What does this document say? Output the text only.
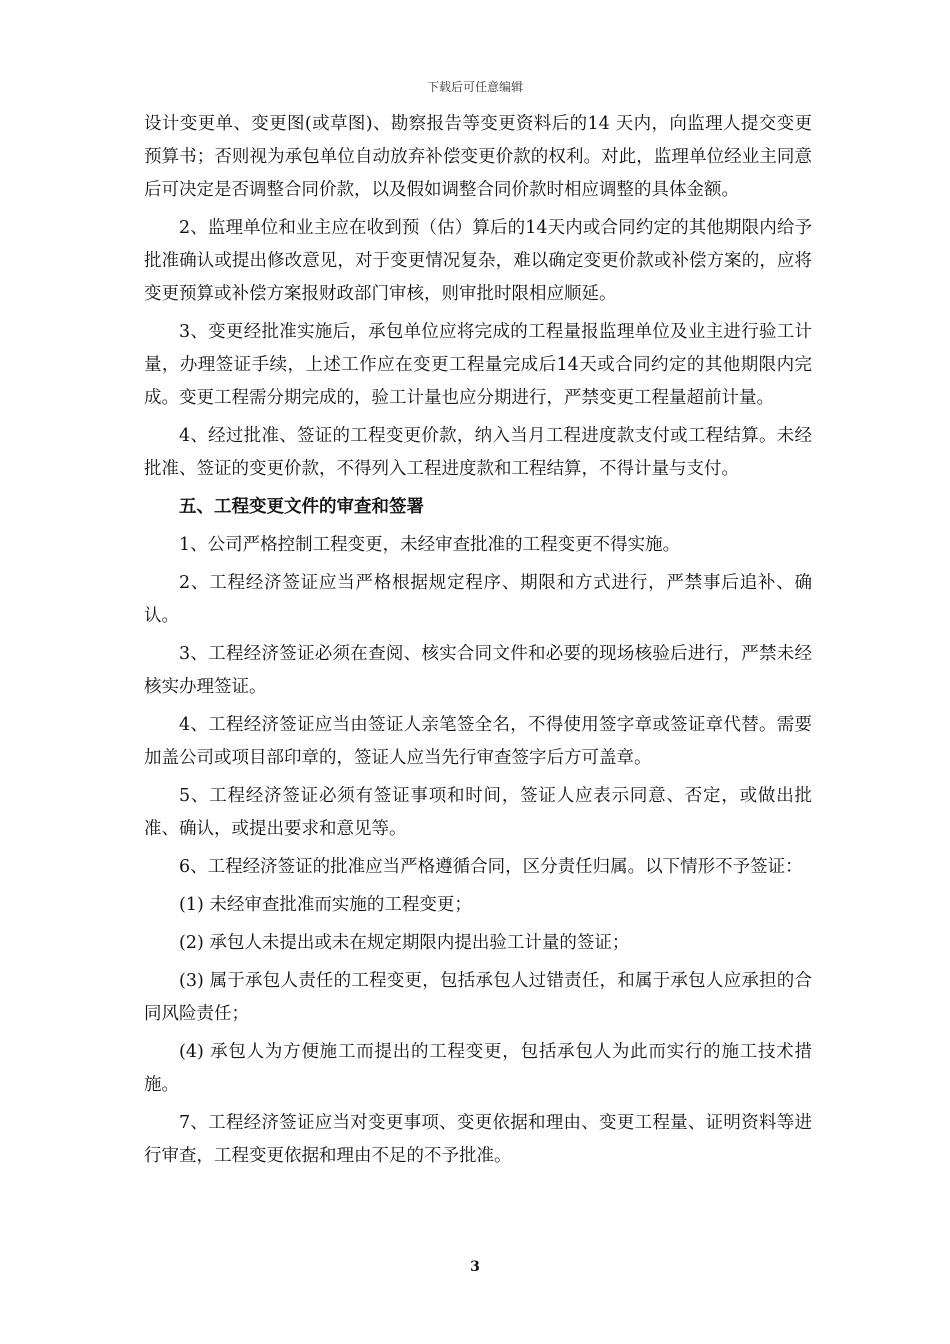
下载后可任意编辑

设计变更单、变更图(或草图)、勘察报告等变更资料后的14 天内，向监理人提交变更预算书；否则视为承包单位自动放弃补偿变更价款的权利。对此，监理单位经业主同意后可决定是否调整合同价款，以及假如调整合同价款时相应调整的具体金额。

2、监理单位和业主应在收到预（估）算后的14天内或合同约定的其他期限内给予批准确认或提出修改意见，对于变更情况复杂，难以确定变更价款或补偿方案的，应将变更预算或补偿方案报财政部门审核，则审批时限相应顺延。

3、变更经批准实施后，承包单位应将完成的工程量报监理单位及业主进行验工计量，办理签证手续，上述工作应在变更工程量完成后14天或合同约定的其他期限内完成。变更工程需分期完成的，验工计量也应分期进行，严禁变更工程量超前计量。

4、经过批准、签证的工程变更价款，纳入当月工程进度款支付或工程结算。未经批准、签证的变更价款，不得列入工程进度款和工程结算，不得计量与支付。

五、工程变更文件的审查和签署

1、公司严格控制工程变更，未经审查批准的工程变更不得实施。

2、工程经济签证应当严格根据规定程序、期限和方式进行，严禁事后追补、确认。

3、工程经济签证必须在查阅、核实合同文件和必要的现场核验后进行，严禁未经核实办理签证。

4、工程经济签证应当由签证人亲笔签全名，不得使用签字章或签证章代替。需要加盖公司或项目部印章的，签证人应当先行审查签字后方可盖章。

5、工程经济签证必须有签证事项和时间，签证人应表示同意、否定，或做出批准、确认，或提出要求和意见等。

6、工程经济签证的批准应当严格遵循合同，区分责任归属。以下情形不予签证：

(1) 未经审查批准而实施的工程变更；

(2) 承包人未提出或未在规定期限内提出验工计量的签证；

(3) 属于承包人责任的工程变更，包括承包人过错责任，和属于承包人应承担的合同风险责任；

(4) 承包人为方便施工而提出的工程变更，包括承包人为此而实行的施工技术措施。

7、工程经济签证应当对变更事项、变更依据和理由、变更工程量、证明资料等进行审查，工程变更依据和理由不足的不予批准。

3
